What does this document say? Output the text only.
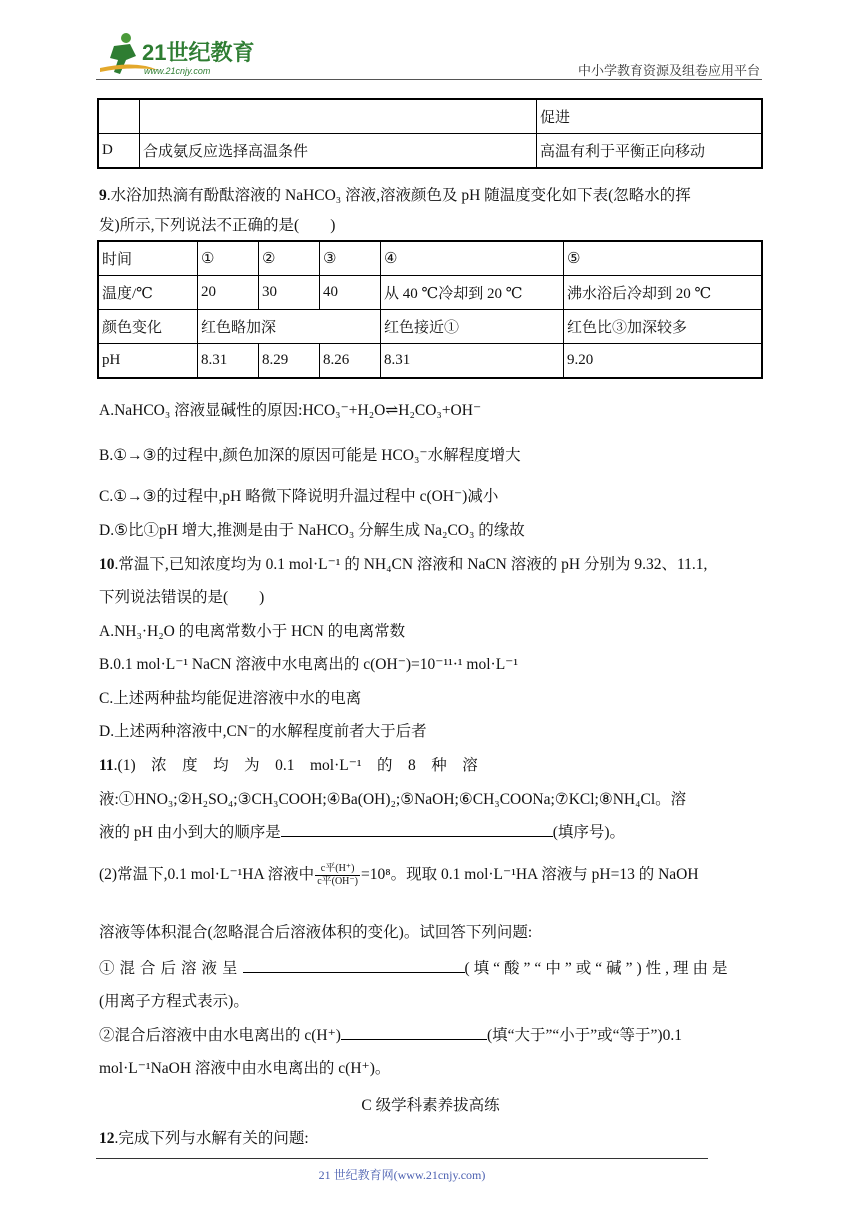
21世纪教育
www.21cnjy.com	中小学教育资源及组卷应用平台
		促进
D	合成氨反应选择高温条件	高温有利于平衡正向移动
9.水浴加热滴有酚酞溶液的 NaHCO₃ 溶液,溶液颜色及 pH 随温度变化如下表(忽略水的挥
发)所示,下列说法不正确的是(　　)
时间	①	②	③	④	⑤
温度/℃	20	30	40	从 40 ℃冷却到 20 ℃	沸水浴后冷却到 20 ℃
颜色变化	红色略加深			红色接近①	红色比③加深较多
pH	8.31	8.29	8.26	8.31	9.20
A.NaHCO₃ 溶液显碱性的原因:HCO₃⁻+H₂O⇌H₂CO₃+OH⁻
B.①→③的过程中,颜色加深的原因可能是 HCO₃⁻水解程度增大
C.①→③的过程中,pH 略微下降说明升温过程中 c(OH⁻)减小
D.⑤比①pH 增大,推测是由于 NaHCO₃ 分解生成 Na₂CO₃ 的缘故
10.常温下,已知浓度均为 0.1 mol·L⁻¹ 的 NH₄CN 溶液和 NaCN 溶液的 pH 分别为 9.32、11.1,
下列说法错误的是(　　)
A.NH₃·H₂O 的电离常数小于 HCN 的电离常数
B.0.1 mol·L⁻¹ NaCN 溶液中水电离出的 c(OH⁻)=10⁻¹¹·¹ mol·L⁻¹
C.上述两种盐均能促进溶液中水的电离
D.上述两种溶液中,CN⁻的水解程度前者大于后者
11.(1)　浓　度　均　为　0.1　mol·L⁻¹　的　8　种　溶
液:①HNO₃;②H₂SO₄;③CH₃COOH;④Ba(OH)₂;⑤NaOH;⑥CH₃COONa;⑦KCl;⑧NH₄Cl。溶
液的 pH 由小到大的顺序是	(填序号)。
(2)常温下,0.1 mol·L⁻¹HA 溶液中 $\frac{\text{c平(H⁺)}}{\text{c平(OH⁻)}} =10^8$。现取 0.1 mol·L⁻¹HA 溶液与 pH=13 的 NaOH
溶液等体积混合(忽略混合后溶液体积的变化)。试回答下列问题:
①混合后溶液呈	(填“酸”“中”或“碱”)性,理由是
(用离子方程式表示)。
②混合后溶液中由水电离出的 c(H⁺)	(填“大于”“小于”或“等于”)0.1
mol·L⁻¹NaOH 溶液中由水电离出的 c(H⁺)。
C 级学科素养拔高练
12.完成下列与水解有关的问题:
21 世纪教育网(www.21cnjy.com)
